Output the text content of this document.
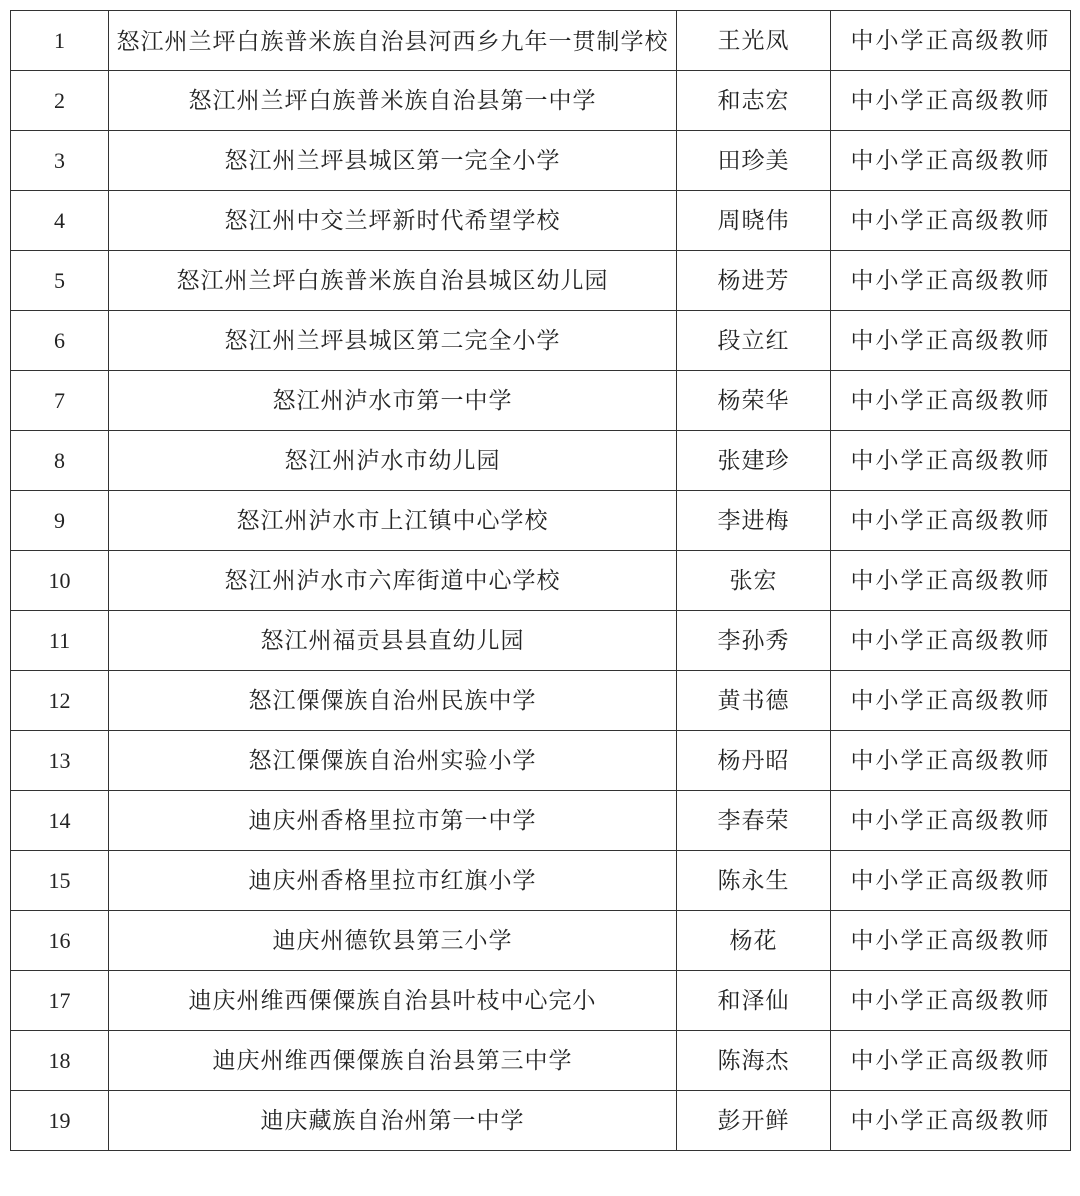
1	怒江州兰坪白族普米族自治县河西乡九年一贯制学校	王光凤	中小学正高级教师
2	怒江州兰坪白族普米族自治县第一中学	和志宏	中小学正高级教师
3	怒江州兰坪县城区第一完全小学	田珍美	中小学正高级教师
4	怒江州中交兰坪新时代希望学校	周晓伟	中小学正高级教师
5	怒江州兰坪白族普米族自治县城区幼儿园	杨进芳	中小学正高级教师
6	怒江州兰坪县城区第二完全小学	段立红	中小学正高级教师
7	怒江州泸水市第一中学	杨荣华	中小学正高级教师
8	怒江州泸水市幼儿园	张建珍	中小学正高级教师
9	怒江州泸水市上江镇中心学校	李进梅	中小学正高级教师
10	怒江州泸水市六库街道中心学校	张宏	中小学正高级教师
11	怒江州福贡县县直幼儿园	李孙秀	中小学正高级教师
12	怒江傈僳族自治州民族中学	黄书德	中小学正高级教师
13	怒江傈僳族自治州实验小学	杨丹昭	中小学正高级教师
14	迪庆州香格里拉市第一中学	李春荣	中小学正高级教师
15	迪庆州香格里拉市红旗小学	陈永生	中小学正高级教师
16	迪庆州德钦县第三小学	杨花	中小学正高级教师
17	迪庆州维西傈僳族自治县叶枝中心完小	和泽仙	中小学正高级教师
18	迪庆州维西傈僳族自治县第三中学	陈海杰	中小学正高级教师
19	迪庆藏族自治州第一中学	彭开鲜	中小学正高级教师
